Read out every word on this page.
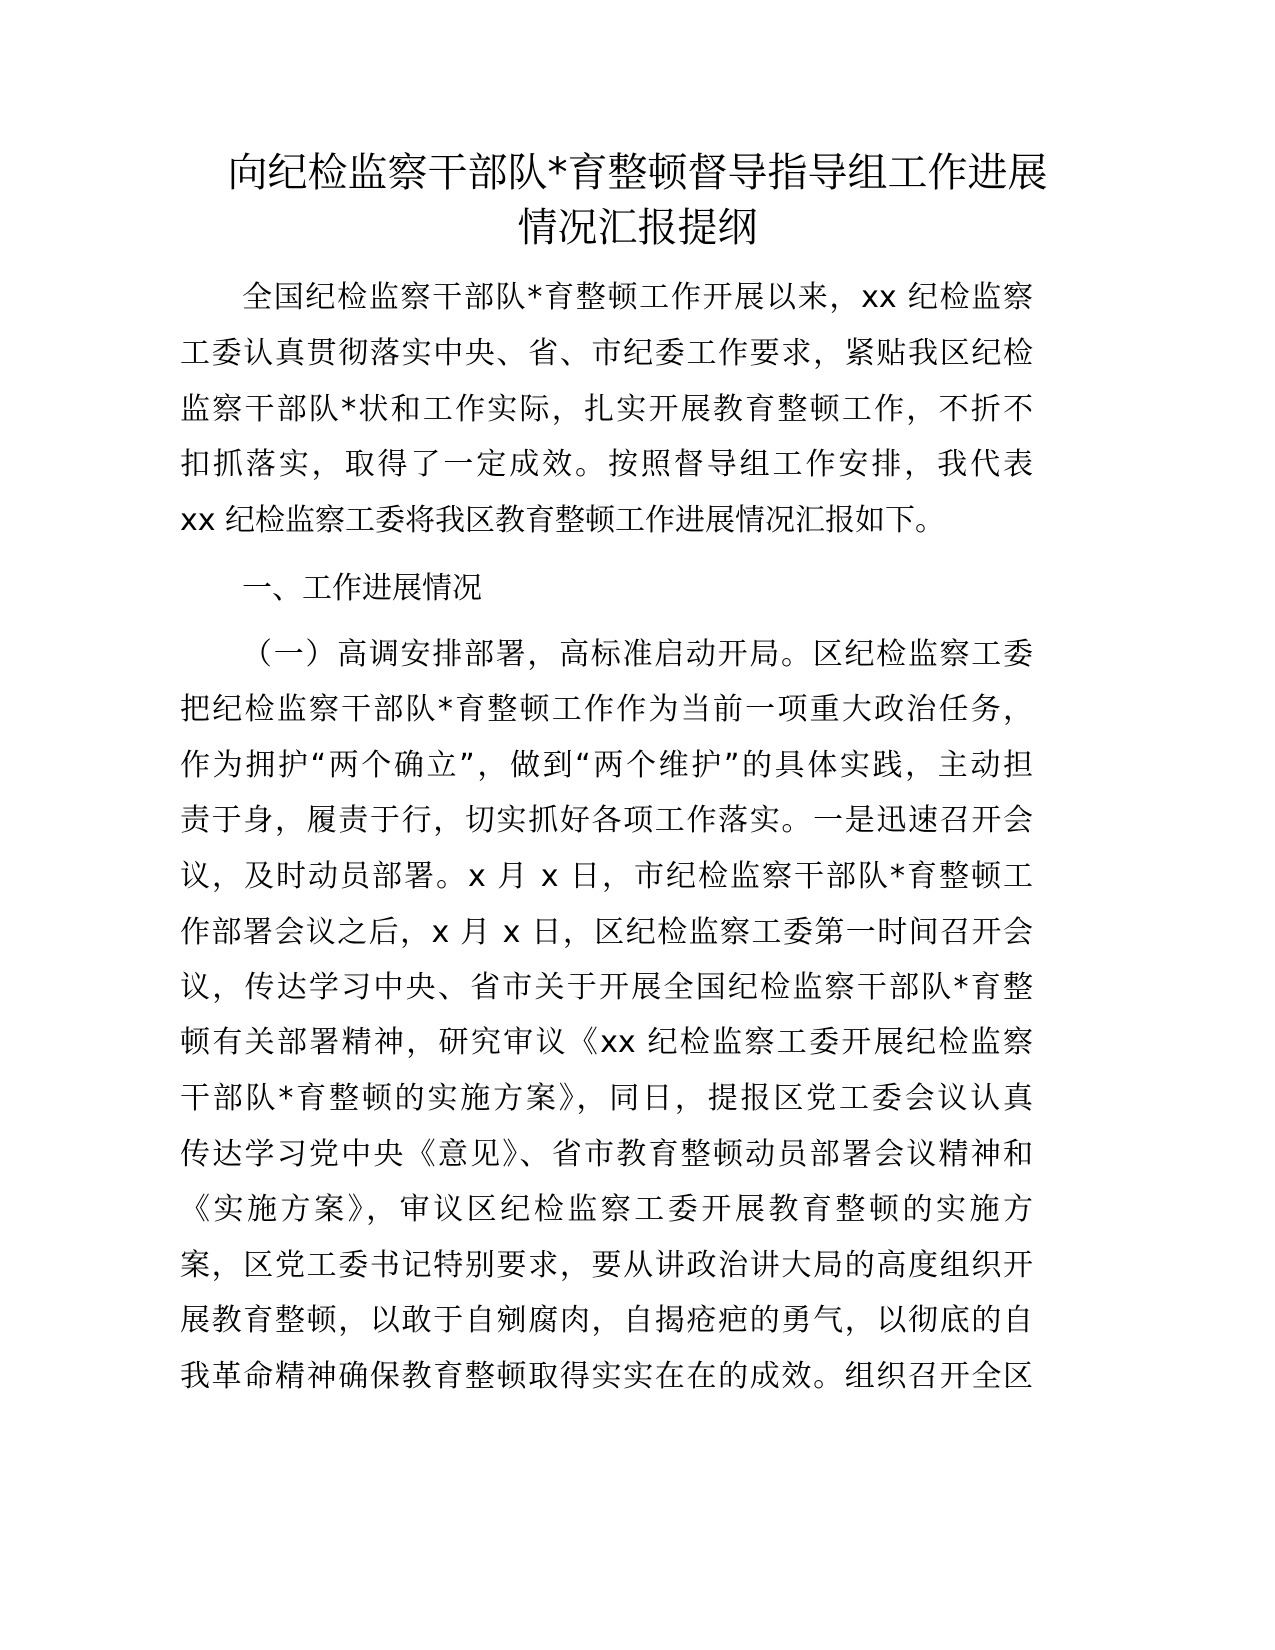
向纪检监察干部队*育整顿督导指导组工作进展
情况汇报提纲
全国纪检监察干部队*育整顿工作开展以来，xx 纪检监察
工委认真贯彻落实中央、省、市纪委工作要求，紧贴我区纪检
监察干部队*状和工作实际，扎实开展教育整顿工作，不折不
扣抓落实，取得了一定成效。按照督导组工作安排，我代表
xx 纪检监察工委将我区教育整顿工作进展情况汇报如下。
一、工作进展情况
（一）高调安排部署，高标准启动开局。区纪检监察工委
把纪检监察干部队*育整顿工作作为当前一项重大政治任务，
作为拥护“两个确立”，做到“两个维护”的具体实践，主动担
责于身，履责于行，切实抓好各项工作落实。一是迅速召开会
议，及时动员部署。x 月 x 日，市纪检监察干部队*育整顿工
作部署会议之后，x 月 x 日，区纪检监察工委第一时间召开会
议，传达学习中央、省市关于开展全国纪检监察干部队*育整
顿有关部署精神，研究审议《xx 纪检监察工委开展纪检监察
干部队*育整顿的实施方案》，同日，提报区党工委会议认真
传达学习党中央《意见》、省市教育整顿动员部署会议精神和
《实施方案》，审议区纪检监察工委开展教育整顿的实施方
案，区党工委书记特别要求，要从讲政治讲大局的高度组织开
展教育整顿，以敢于自剜腐肉，自揭疮疤的勇气，以彻底的自
我革命精神确保教育整顿取得实实在在的成效。组织召开全区
